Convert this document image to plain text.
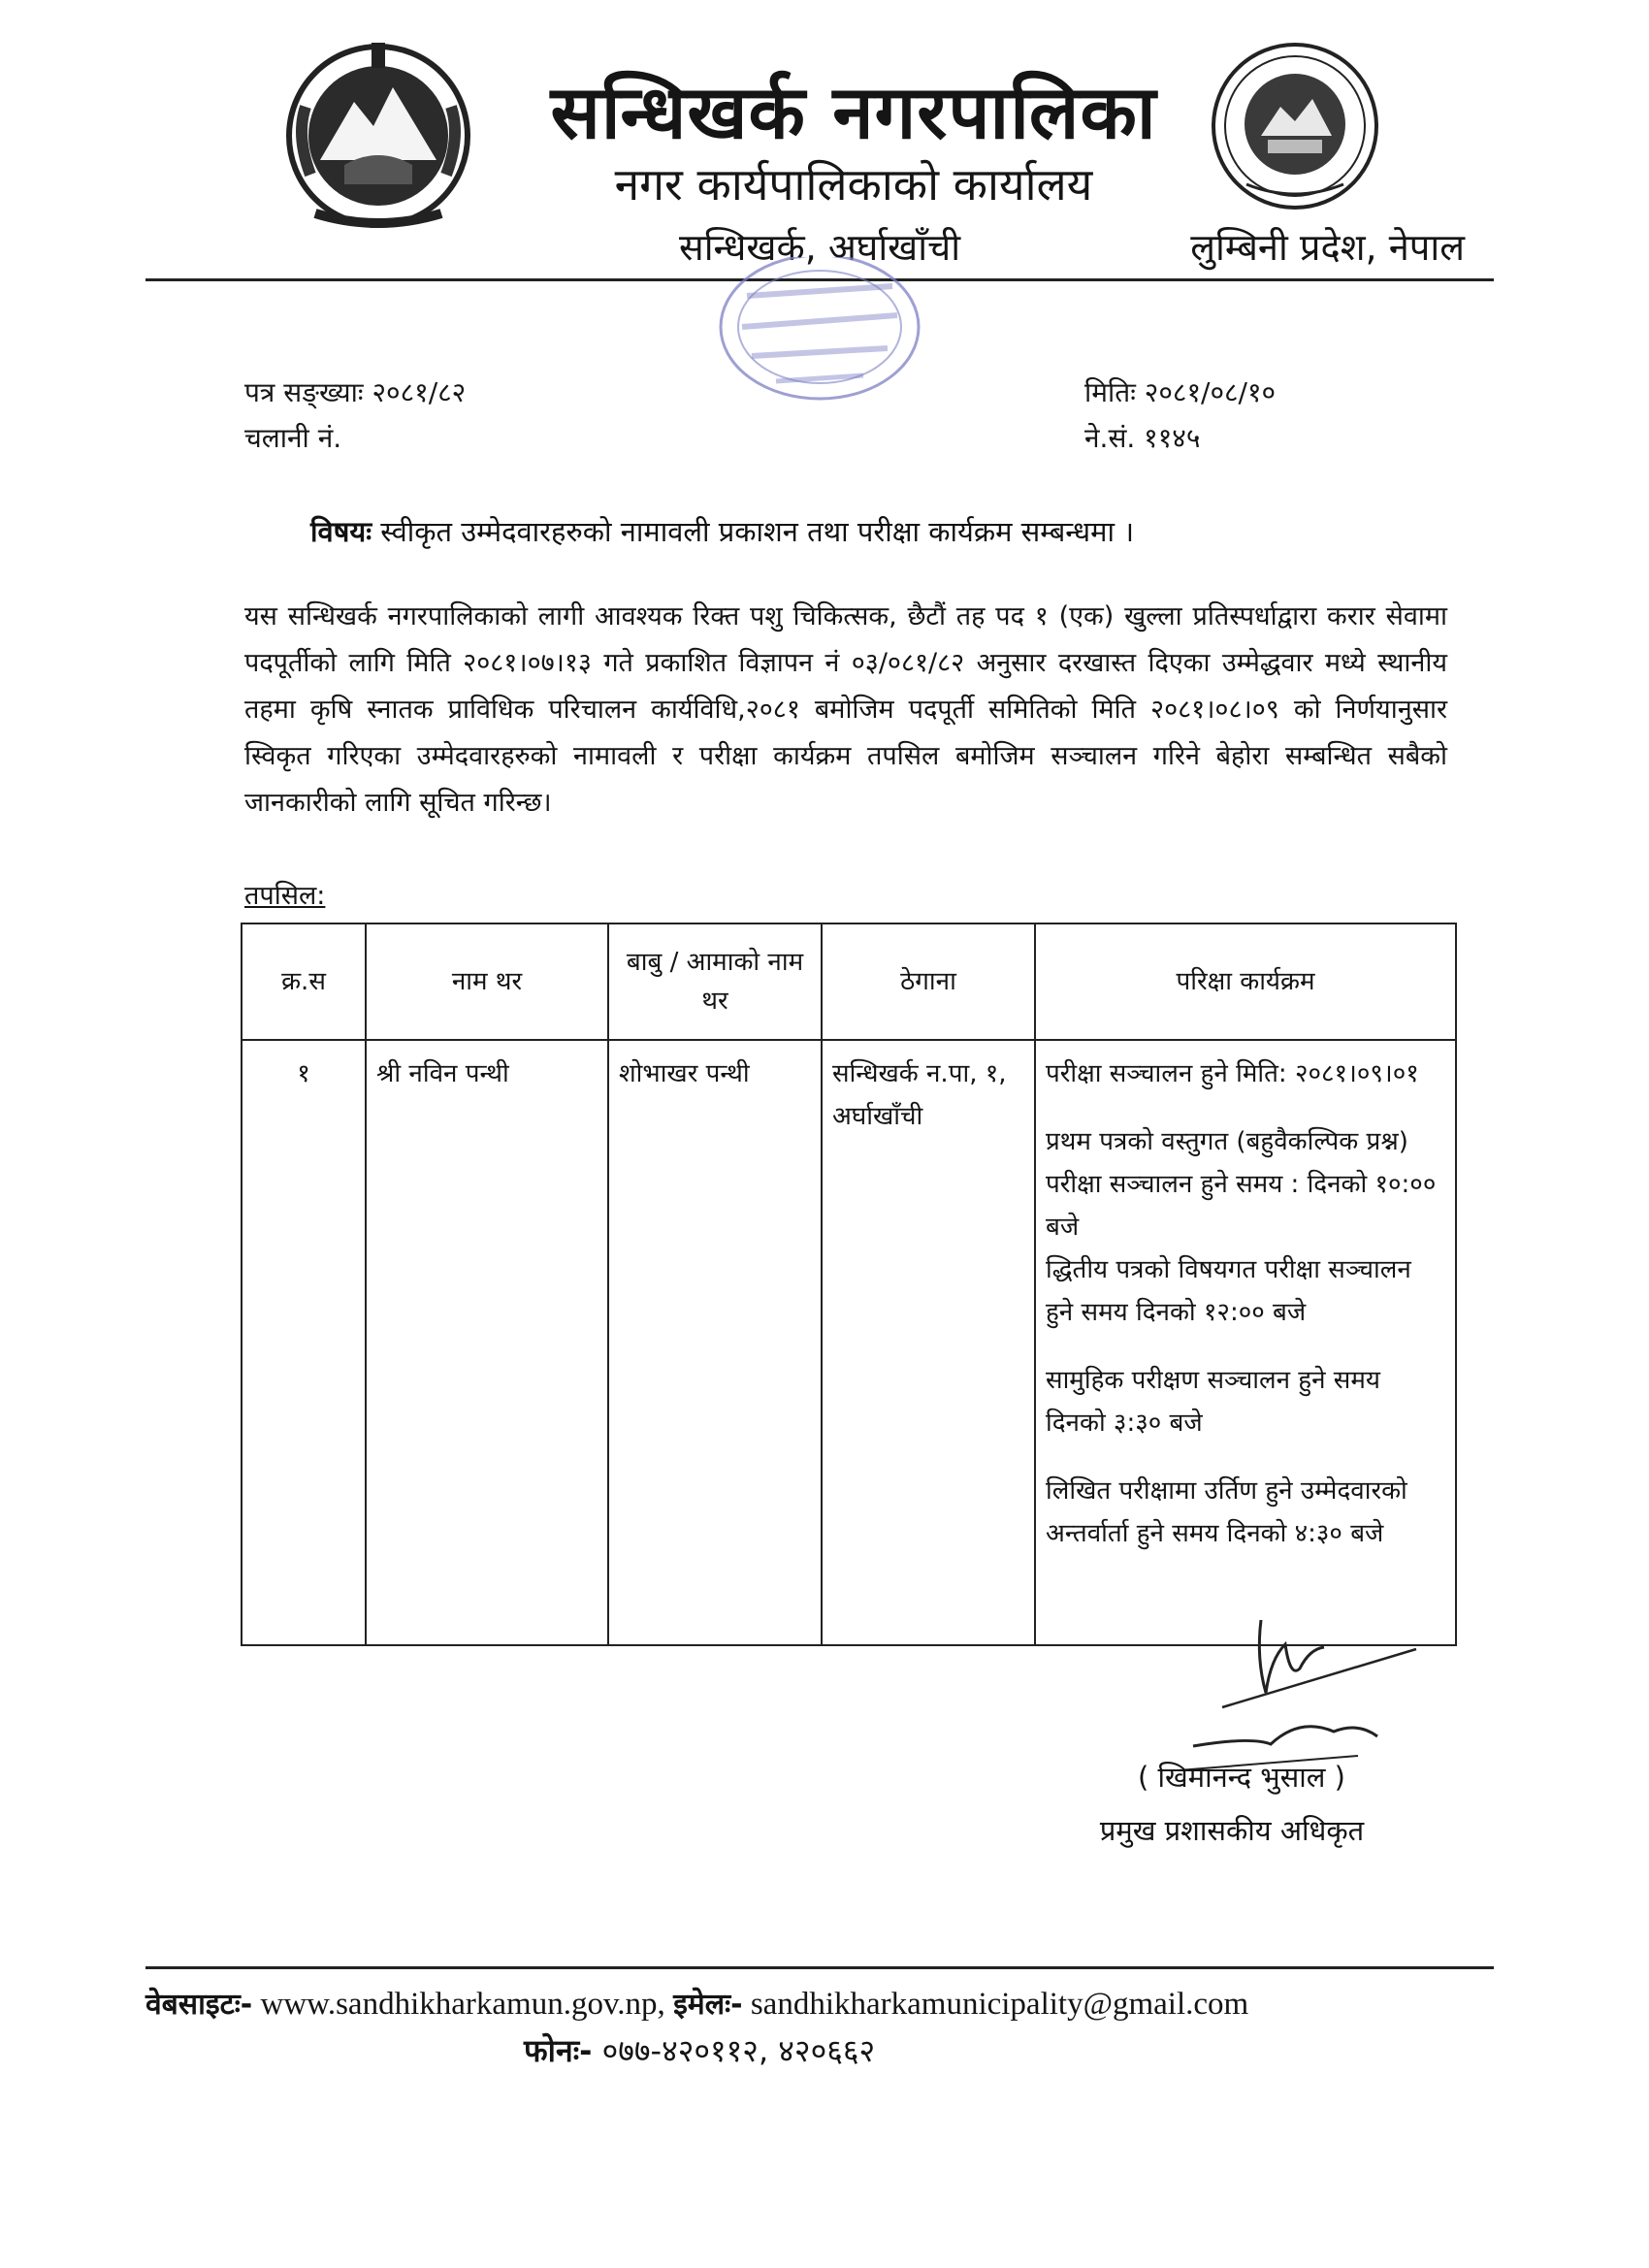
सन्धिखर्क नगरपालिका
नगर कार्यपालिकाको कार्यालय
सन्धिखर्क, अर्घाखाँची	लुम्बिनी प्रदेश, नेपाल
पत्र सङ्ख्याः २०८१/८२
चलानी नं.
मितिः २०८१/०८/१०
ने.सं. ११४५
विषयः स्वीकृत उम्मेदवारहरुको नामावली प्रकाशन तथा परीक्षा कार्यक्रम सम्बन्धमा ।
यस सन्धिखर्क नगरपालिकाको लागी आवश्यक रिक्त पशु चिकित्सक, छैटौं तह पद १ (एक) खुल्ला प्रतिस्पर्धाद्वारा करार सेवामा पदपूर्तीको लागि मिति २०८१।०७।१३ गते प्रकाशित विज्ञापन नं ०३/०८१/८२ अनुसार दरखास्त दिएका उम्मेद्धवार मध्ये स्थानीय तहमा कृषि स्नातक प्राविधिक परिचालन कार्यविधि,२०८१ बमोजिम पदपूर्ती समितिको मिति २०८१।०८।०९ को निर्णयानुसार स्विकृत गरिएका उम्मेदवारहरुको नामावली र परीक्षा कार्यक्रम तपसिल बमोजिम सञ्चालन गरिने बेहोरा सम्बन्धित सबैको जानकारीको लागि सूचित गरिन्छ।
तपसिल:
क्र.स	नाम थर	बाबु / आमाको नाम थर	ठेगाना	परिक्षा कार्यक्रम
१	श्री नविन पन्थी	शोभाखर पन्थी	सन्धिखर्क न.पा, १, अर्घाखाँची	परीक्षा सञ्चालन हुने मिति: २०८१।०९।०१
प्रथम पत्रको वस्तुगत (बहुवैकल्पिक प्रश्न) परीक्षा सञ्चालन हुने समय : दिनको १०:०० बजे
द्धितीय पत्रको विषयगत परीक्षा सञ्चालन हुने समय दिनको १२:०० बजे
सामुहिक परीक्षण सञ्चालन हुने समय दिनको ३:३० बजे
लिखित परीक्षामा उर्तिण हुने उम्मेदवारको अन्तर्वार्ता हुने समय दिनको ४:३० बजे
( खिमानन्द भुसाल )
प्रमुख प्रशासकीय अधिकृत
वेबसाइटः- www.sandhikharkamun.gov.np, इमेलः- sandhikharkamunicipality@gmail.com
फोनः- ०७७-४२०११२, ४२०६६२
